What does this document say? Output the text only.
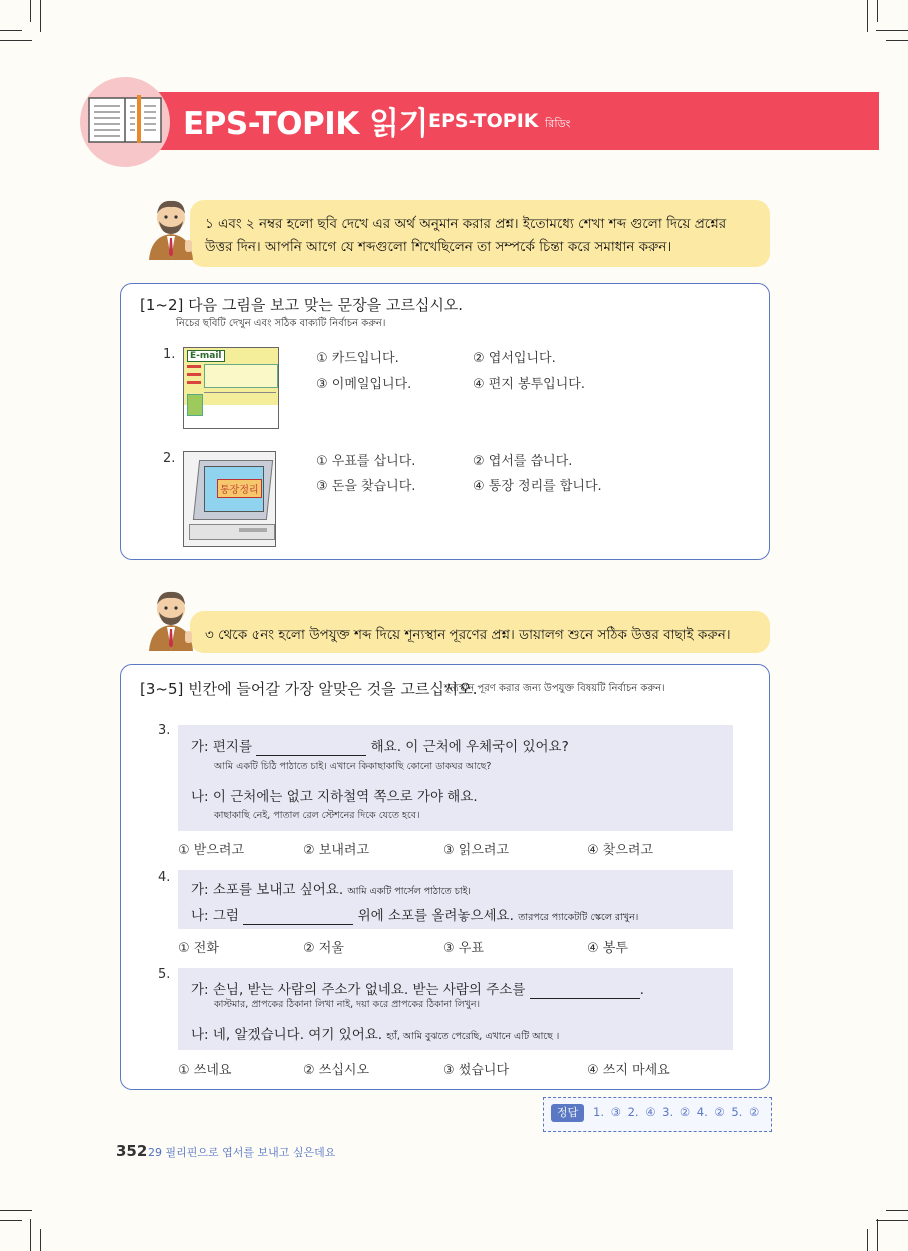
EPS-TOPIK 읽기 EPS-TOPIK রিডিং
১ এবং ২ নম্বর হলো ছবি দেখে এর অর্থ অনুমান করার প্রশ্ন। ইতোমধ্যে শেখা শব্দ গুলো দিয়ে প্রশ্নের
উত্তর দিন। আপনি আগে যে শব্দগুলো শিখেছিলেন তা সম্পর্কে চিন্তা করে সমাধান করুন।
[1~2] 다음 그림을 보고 맞는 문장을 고르십시오.
নিচের ছবিটি দেখুন এবং সঠিক বাক্যটি নির্বাচন করুন।
1.	E-mail	① 카드입니다.	② 엽서입니다.
③ 이메일입니다.	④ 편지 봉투입니다.
2.
통장정리
① 우표를 삽니다.	② 엽서를 씁니다.
③ 돈을 찾습니다.	④ 통장 정리를 합니다.
৩ থেকে ৫নং হলো উপযুক্ত শব্দ দিয়ে শূন্যস্থান পূরণের প্রশ্ন। ডায়ালগ শুনে সঠিক উত্তর বাছাই করুন।
[3~5] 빈칸에 들어갈 가장 알맞은 것을 고르십시오.
শূন্যস্থান পূরণ করার জন্য উপযুক্ত বিষয়টি নির্বাচন করুন।
3.
가: 편지를	해요. 이 근처에 우체국이 있어요?
আমি একটি চিঠি পাঠাতে চাই। এখানে কিকাছাকাছি কোনো ডাকঘর আছে?
나: 이 근처에는 없고 지하철역 쪽으로 가야 해요.
কাছাকাছি নেই, পাতাল রেল স্টেশনের দিকে যেতে হবে।
① 받으려고	② 보내려고	③ 읽으려고	④ 찾으려고
4.
가: 소포를 보내고 싶어요. আমি একটি পার্সেল পাঠাতে চাই।
나: 그럼	위에 소포를 올려놓으세요. তারপরে প্যাকেটটি স্কেলে রাখুন।
① 전화	② 저울	③ 우표	④ 봉투
5.
가: 손님, 받는 사람의 주소가 없네요. 받는 사람의 주소를	.
কাস্টমার, প্রাপকের ঠিকানা লিখা নাই, দয়া করে প্রাপকের ঠিকানা লিখুন।
나: 네, 알겠습니다. 여기 있어요. হ্যাঁ, আমি বুঝতে পেরেছি, এখানে এটি আছে ।
① 쓰네요	② 쓰십시오	③ 썼습니다	④ 쓰지 마세요
정답	1. ③ 2. ④ 3. ② 4. ② 5. ②
352 29 필리핀으로 엽서를 보내고 싶은데요
